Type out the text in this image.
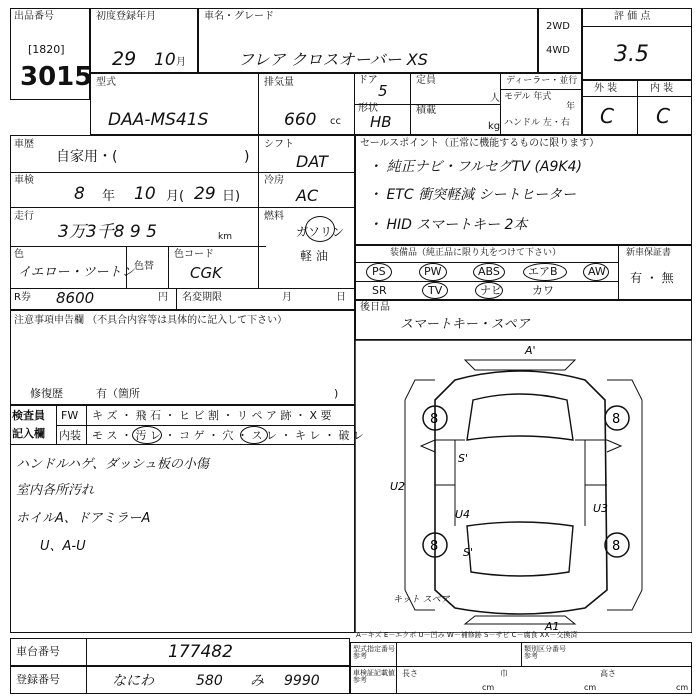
出品番号
[1820]
3015
初度登録年月
29 10 月
車名・グレード
フレア クロスオーバー XS
2WD
4WD
評 価 点
3.5
型式
DAA-MS41S
排気量
660 cc
ドア
5
定員
人
形状
HB
積載
kg
ディーラー・並行
モデル 年式
年
ハンドル 左・右
外 装	内 装
C C
車歴
自家用・(	)
シフト
DAT
車検
8 年 10 月( 29 日)
冷房
AC
走行
3万3千8 9 5	km
燃料
ガソリン
軽 油
色
イエロー・ツートン 色替
色コード
CGK
R券 8600	円 名変期限	月	日
セールスポイント（正常に機能するものに限ります）
・ 純正ナビ・フルセグTV (A9K4)
・ ETC 衝突軽減 シートヒーター
・ HID スマートキー 2本
装備品（純正品に限り丸をつけて下さい）	新車保証書
有 ・ 無
PS	PW	ABS	エアB	AW
SR	TV	ナビ	カワ
後日品
スマートキー・スペア
注意事項申告欄 （不具合内容等は具体的に記入して下さい）
修復歴	有（箇所	)
検査員
記入欄
FW キ ズ ・ 飛 石 ・ ヒ ビ 割 ・ リ ペ ア 跡 ・ X 要
内装 モ ス ・ 汚 レ ・ コ ゲ ・ 穴 ・ ス レ ・ キ レ ・ 破 レ
ハンドルハゲ、ダッシュ板の小傷
室内各所汚れ
ホイルA、ドアミラーA
U、A-U
8	8
8	8
A'
A1
U2
U3
U4
S'
S'
キット スペア
A－キズ E－エクボ U－凹み W－補修跡 S－サビ C－腐食 XX－交換済
車台番号	177482
登録番号	なにわ	580 み 9990
型式指定番号 参考
類別区分番号 参考
車検証記載値 参考
長さ
cm
巾
cm
高さ
cm
